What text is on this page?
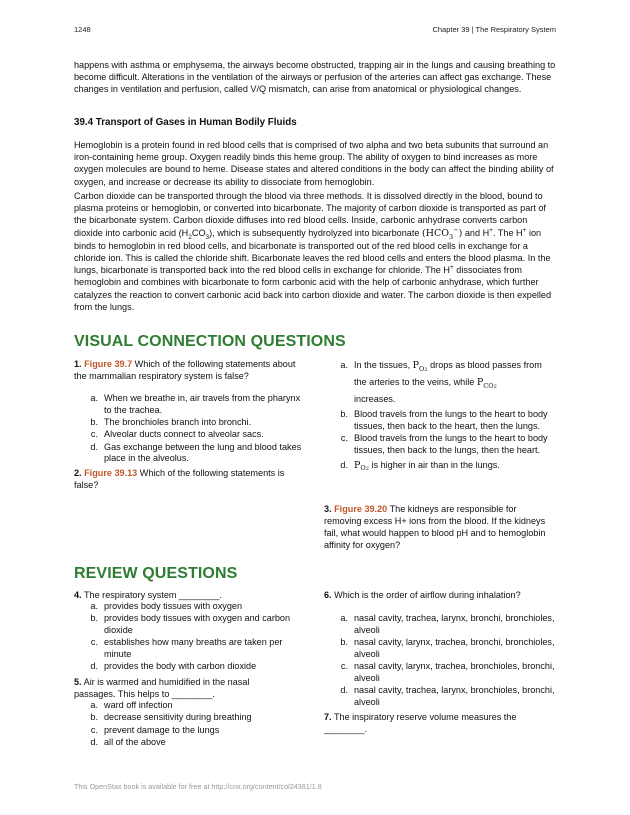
1248	Chapter 39 | The Respiratory System

happens with asthma or emphysema, the airways become obstructed, trapping air in the lungs and causing breathing to become difficult. Alterations in the ventilation of the airways or perfusion of the arteries can affect gas exchange. These changes in ventilation and perfusion, called V/Q mismatch, can arise from anatomical or physiological changes.

39.4 Transport of Gases in Human Bodily Fluids

Hemoglobin is a protein found in red blood cells that is comprised of two alpha and two beta subunits that surround an iron-containing heme group. Oxygen readily binds this heme group. The ability of oxygen to bind increases as more oxygen molecules are bound to heme. Disease states and altered conditions in the body can affect the binding ability of oxygen, and increase or decrease its ability to dissociate from hemoglobin.

Carbon dioxide can be transported through the blood via three methods. It is dissolved directly in the blood, bound to plasma proteins or hemoglobin, or converted into bicarbonate. The majority of carbon dioxide is transported as part of the bicarbonate system. Carbon dioxide diffuses into red blood cells. Inside, carbonic anhydrase converts carbon dioxide into carbonic acid $(H_2CO_3)$, which is subsequently hydrolyzed into bicarbonate $(HCO_3^-)$ and H+. The H+ ion binds to hemoglobin in red blood cells, and bicarbonate is transported out of the red blood cells in exchange for a chloride ion. This is called the chloride shift. Bicarbonate leaves the red blood cells and enters the blood plasma. In the lungs, bicarbonate is transported back into the red blood cells in exchange for chloride. The H+ dissociates from hemoglobin and combines with bicarbonate to form carbonic acid with the help of carbonic anhydrase, which further catalyzes the reaction to convert carbonic acid back into carbon dioxide and water. The carbon dioxide is then expelled from the lungs.

VISUAL CONNECTION QUESTIONS

1. Figure 39.7 Which of the following statements about the mammalian respiratory system is false?

a. When we breathe in, air travels from the pharynx to the trachea.
b. The bronchioles branch into bronchi.
c. Alveolar ducts connect to alveolar sacs.
d. Gas exchange between the lung and blood takes place in the alveolus.

2. Figure 39.13 Which of the following statements is false?

a. In the tissues, $P_{O2}$ drops as blood passes from the arteries to the veins, while $P_{CO2}$
increases.
b. Blood travels from the lungs to the heart to body tissues, then back to the heart, then the lungs.
c. Blood travels from the lungs to the heart to body tissues, then back to the lungs, then the heart.
d. $P_{O2}$ is higher in air than in the lungs.

3. Figure 39.20 The kidneys are responsible for removing excess H+ ions from the blood. If the kidneys fail, what would happen to blood pH and to hemoglobin affinity for oxygen?

REVIEW QUESTIONS

4. The respiratory system ________.

a. provides body tissues with oxygen
b. provides body tissues with oxygen and carbon dioxide
c. establishes how many breaths are taken per minute
d. provides the body with carbon dioxide

5. Air is warmed and humidified in the nasal passages. This helps to ________.

a. ward off infection
b. decrease sensitivity during breathing
c. prevent damage to the lungs
d. all of the above

6. Which is the order of airflow during inhalation?

a. nasal cavity, trachea, larynx, bronchi, bronchioles, alveoli
b. nasal cavity, larynx, trachea, bronchi, bronchioles, alveoli
c. nasal cavity, larynx, trachea, bronchioles, bronchi, alveoli
d. nasal cavity, trachea, larynx, bronchioles, bronchi, alveoli

7. The inspiratory reserve volume measures the ________.

This OpenStax book is available for free at http://cnx.org/content/col24361/1.8
